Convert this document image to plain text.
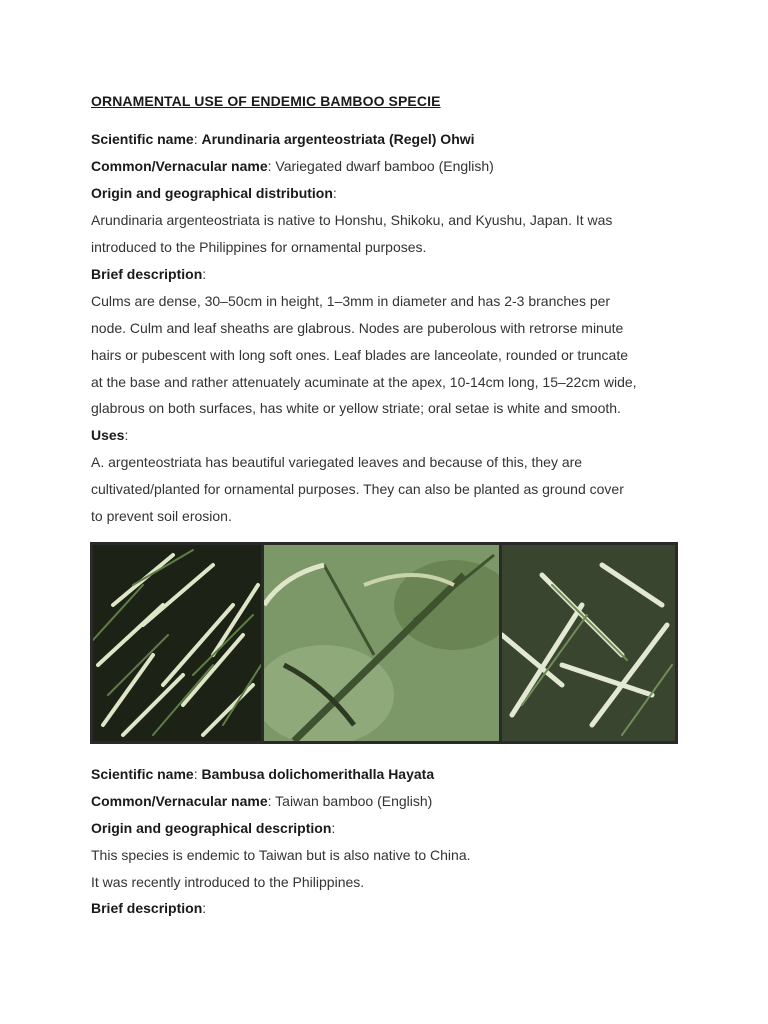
ORNAMENTAL USE OF ENDEMIC BAMBOO SPECIE
Scientific name: Arundinaria argenteostriata (Regel) Ohwi
Common/Vernacular name: Variegated dwarf bamboo (English)
Origin and geographical distribution:
Arundinaria argenteostriata is native to Honshu, Shikoku, and Kyushu, Japan. It was
introduced to the Philippines for ornamental purposes.
Brief description:
Culms are dense, 30–50cm in height, 1–3mm in diameter and has 2-3 branches per
node. Culm and leaf sheaths are glabrous. Nodes are puberolous with retrorse minute
hairs or pubescent with long soft ones. Leaf blades are lanceolate, rounded or truncate
at the base and rather attenuately acuminate at the apex, 10-14cm long, 15–22cm wide,
glabrous on both surfaces, has white or yellow striate; oral setae is white and smooth.
Uses:
A. argenteostriata has beautiful variegated leaves and because of this, they are
cultivated/planted for ornamental purposes. They can also be planted as ground cover
to prevent soil erosion.
Scientific name: Bambusa dolichomerithalla Hayata
Common/Vernacular name: Taiwan bamboo (English)
Origin and geographical description:
This species is endemic to Taiwan but is also native to China.
It was recently introduced to the Philippines.
Brief description:
